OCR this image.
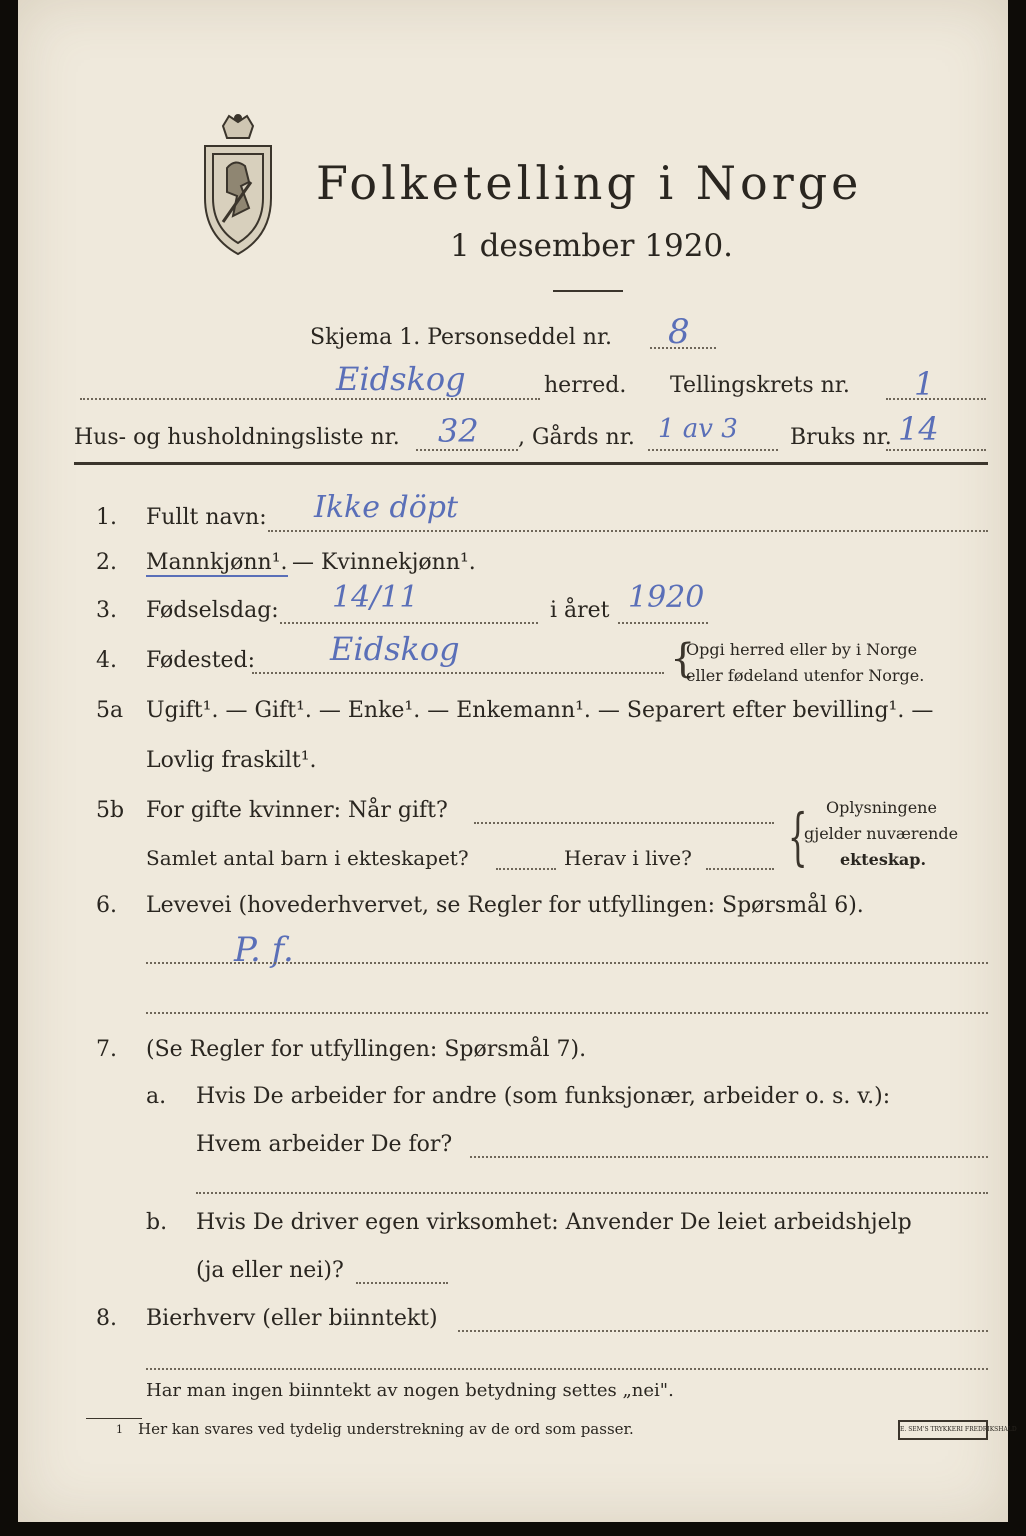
Folketelling i Norge
1 desember 1920.
Skjema 1. Personseddel nr. 8
Eidskog	herred. Tellingskrets nr. 1
Hus- og husholdningsliste nr. 32 , Gårds nr. 1 av 3 Bruks nr. 14
1. Fullt navn: Ikke döpt
2. Mannkjønn¹. — Kvinnekjønn¹.
3. Fødselsdag: 14/11	i året 1920
4. Fødested: Eidskog	{
Opgi herred eller by i Norge
eller fødeland utenfor Norge.
5a Ugift¹. — Gift¹. — Enke¹. — Enkemann¹. — Separert efter bevilling¹. —
Lovlig fraskilt¹.
5b For gifte kvinner: Når gift?
Samlet antal barn i ekteskapet?	Herav i live? { Oplysningene
gjelder nuværende
ekteskap.
6. Levevei (hovederhvervet, se Regler for utfyllingen: Spørsmål 6).
P. f.
7. (Se Regler for utfyllingen: Spørsmål 7).
a. Hvis De arbeider for andre (som funksjonær, arbeider o. s. v.):
Hvem arbeider De for?
b. Hvis De driver egen virksomhet: Anvender De leiet arbeidshjelp
(ja eller nei)?
8. Bierhverv (eller biinntekt)
Har man ingen biinntekt av nogen betydning settes „nei".
1 Her kan svares ved tydelig understrekning av de ord som passer.	E. SEM'S TRYKKERI FREDRIKSHALD
